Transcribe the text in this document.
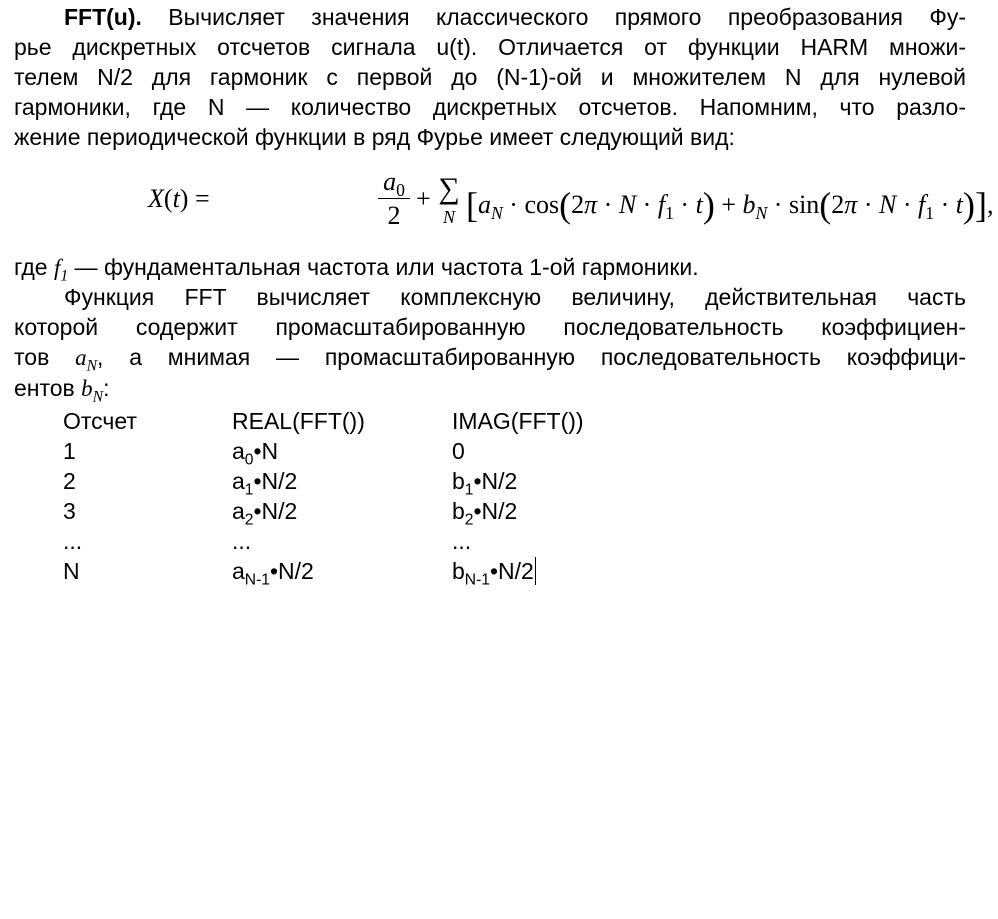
FFT(u). Вычисляет значения классического прямого преобразования Фу-
рье дискретных отсчетов сигнала u(t). Отличается от функции HARM множи-
телем N/2 для гармоник с первой до (N-1)-ой и множителем N для нулевой
гармоники, где N — количество дискретных отсчетов. Напомним, что разло-
жение периодической функции в ряд Фурье имеет следующий вид:
X(t) =
$a_0$
2
+ ∑
N $[a_N \cdot \cos(2\pi \cdot N \cdot f_1 \cdot t) + b_N \cdot \sin(2\pi \cdot N \cdot f_1 \cdot t)]$,
где $f_1$ — фундаментальная частота или частота 1-ой гармоники.
Функция FFT вычисляет комплексную величину, действительная часть
которой содержит промасштабированную последовательность коэффициен-
тов $a_N$, а мнимая — промасштабированную последовательность коэффици-
ентов $b_N$:
Отсчет	REAL(FFT())	IMAG(FFT())
1	$a_0•N$	0
2	$a_1•N/2$	$b_1•N/2$
3	$a_2•N/2$	$b_2•N/2$
...	...	...
N	$a_{N-1}•N/2$	$b_{N-1}•N/2$
